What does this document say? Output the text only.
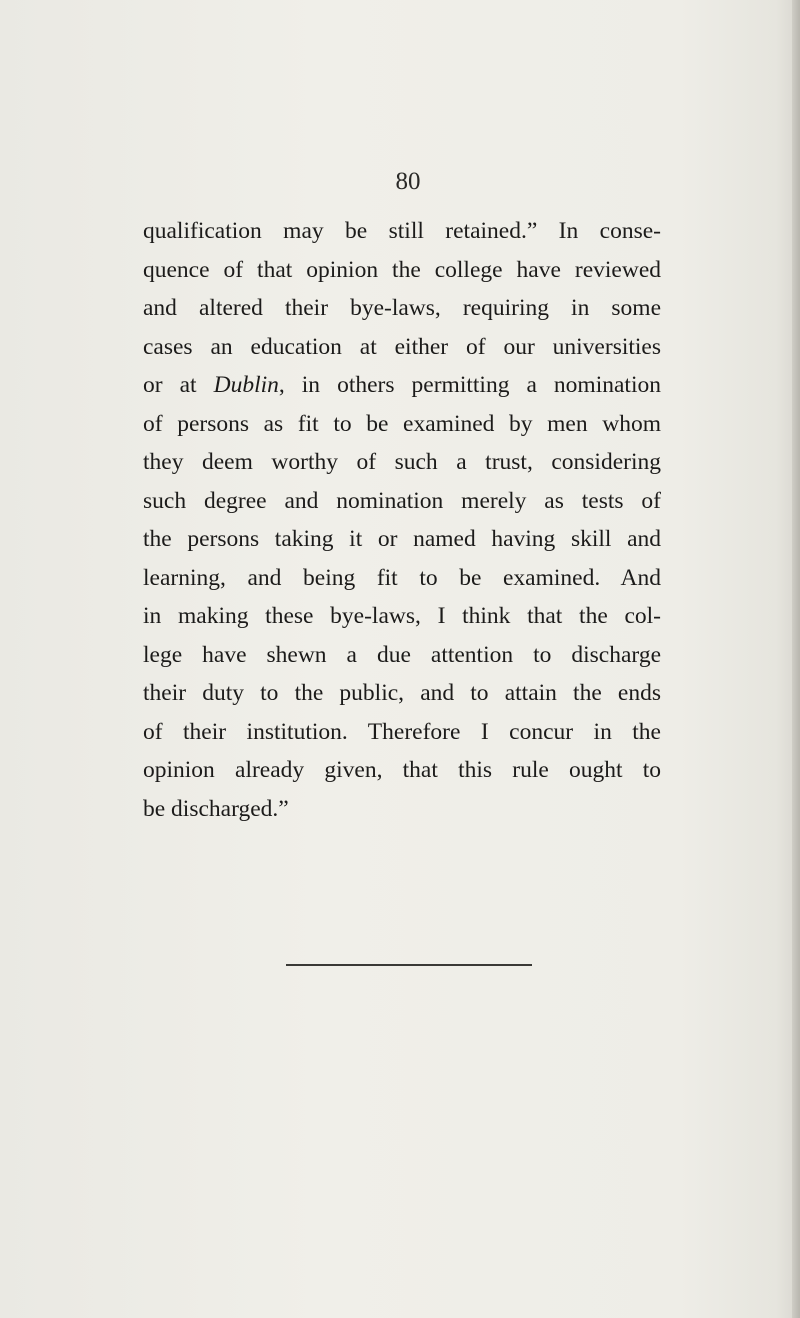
80
qualification may be still retained.” In conse-
quence of that opinion the college have reviewed
and altered their bye-laws, requiring in some
cases an education at either of our universities
or at Dublin, in others permitting a nomination
of persons as fit to be examined by men whom
they deem worthy of such a trust, considering
such degree and nomination merely as tests of
the persons taking it or named having skill and
learning, and being fit to be examined. And
in making these bye-laws, I think that the col-
lege have shewn a due attention to discharge
their duty to the public, and to attain the ends
of their institution. Therefore I concur in the
opinion already given, that this rule ought to
be discharged.”
